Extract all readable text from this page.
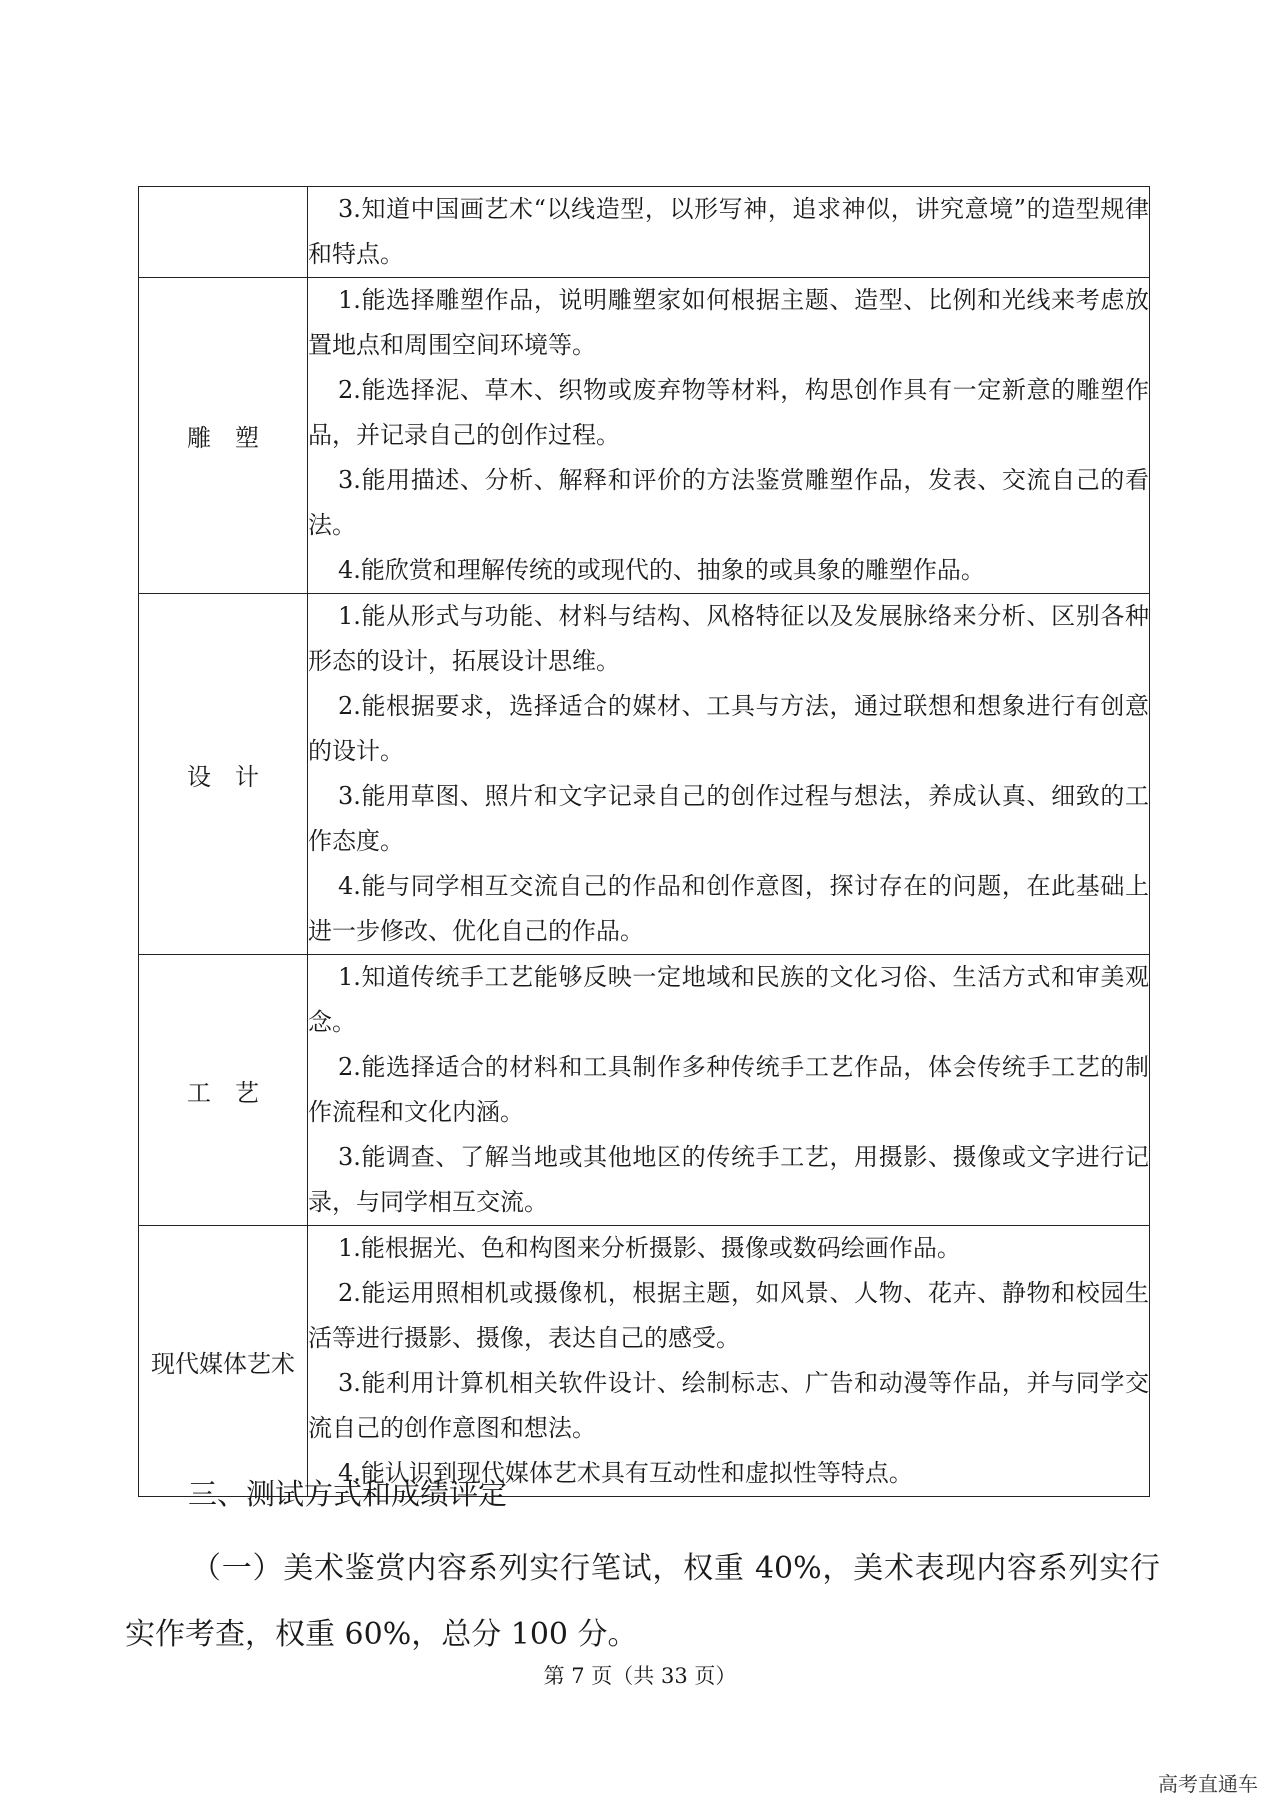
	3.知道中国画艺术“以线造型，以形写神，追求神似，讲究意境”的造型规律和特点。

雕　塑	1.能选择雕塑作品，说明雕塑家如何根据主题、造型、比例和光线来考虑放置地点和周围空间环境等。

2.能选择泥、草木、织物或废弃物等材料，构思创作具有一定新意的雕塑作品，并记录自己的创作过程。

3.能用描述、分析、解释和评价的方法鉴赏雕塑作品，发表、交流自己的看法。

4.能欣赏和理解传统的或现代的、抽象的或具象的雕塑作品。

设　计	1.能从形式与功能、材料与结构、风格特征以及发展脉络来分析、区别各种形态的设计，拓展设计思维。

2.能根据要求，选择适合的媒材、工具与方法，通过联想和想象进行有创意的设计。

3.能用草图、照片和文字记录自己的创作过程与想法，养成认真、细致的工作态度。

4.能与同学相互交流自己的作品和创作意图，探讨存在的问题，在此基础上进一步修改、优化自己的作品。

工　艺	1.知道传统手工艺能够反映一定地域和民族的文化习俗、生活方式和审美观念。

2.能选择适合的材料和工具制作多种传统手工艺作品，体会传统手工艺的制作流程和文化内涵。

3.能调查、了解当地或其他地区的传统手工艺，用摄影、摄像或文字进行记录，与同学相互交流。

现代媒体艺术	1.能根据光、色和构图来分析摄影、摄像或数码绘画作品。

2.能运用照相机或摄像机，根据主题，如风景、人物、花卉、静物和校园生活等进行摄影、摄像，表达自己的感受。

3.能利用计算机相关软件设计、绘制标志、广告和动漫等作品，并与同学交流自己的创作意图和想法。

4.能认识到现代媒体艺术具有互动性和虚拟性等特点。

三、测试方式和成绩评定

（一）美术鉴赏内容系列实行笔试，权重 40%，美术表现内容系列实行实作考查，权重 60%，总分 100 分。

第 7 页（共 33 页）
高考直通车
